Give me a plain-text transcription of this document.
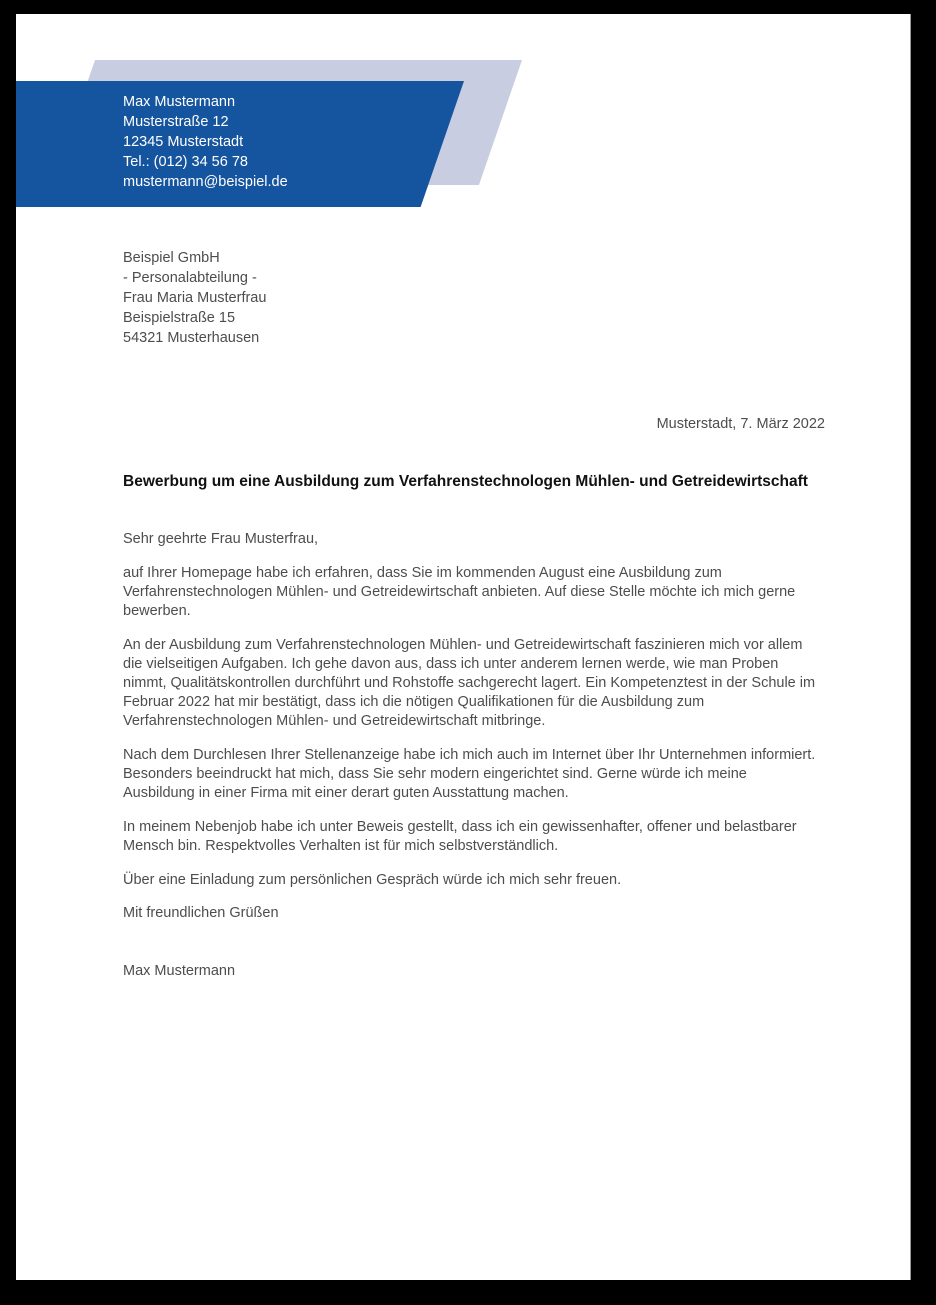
Max Mustermann
Musterstraße 12
12345 Musterstadt
Tel.: (012) 34 56 78
mustermann@beispiel.de
Beispiel GmbH
- Personalabteilung -
Frau Maria Musterfrau
Beispielstraße 15
54321 Musterhausen
Musterstadt, 7. März 2022
Bewerbung um eine Ausbildung zum Verfahrenstechnologen Mühlen- und Getreidewirtschaft

Sehr geehrte Frau Musterfrau,

auf Ihrer Homepage habe ich erfahren, dass Sie im kommenden August eine Ausbildung zum Verfahrenstechnologen Mühlen- und Getreidewirtschaft anbieten. Auf diese Stelle möchte ich mich gerne bewerben.

An der Ausbildung zum Verfahrenstechnologen Mühlen- und Getreidewirtschaft faszinieren mich vor allem die vielseitigen Aufgaben. Ich gehe davon aus, dass ich unter anderem lernen werde, wie man Proben nimmt, Qualitätskontrollen durchführt und Rohstoffe sachgerecht lagert. Ein Kompetenztest in der Schule im Februar 2022 hat mir bestätigt, dass ich die nötigen Qualifikationen für die Ausbildung zum Verfahrenstechnologen Mühlen- und Getreidewirtschaft mitbringe.

Nach dem Durchlesen Ihrer Stellenanzeige habe ich mich auch im Internet über Ihr Unternehmen informiert. Besonders beeindruckt hat mich, dass Sie sehr modern eingerichtet sind. Gerne würde ich meine Ausbildung in einer Firma mit einer derart guten Ausstattung machen.

In meinem Nebenjob habe ich unter Beweis gestellt, dass ich ein gewissenhafter, offener und belastbarer Mensch bin. Respektvolles Verhalten ist für mich selbstverständlich.

Über eine Einladung zum persönlichen Gespräch würde ich mich sehr freuen.

Mit freundlichen Grüßen

Max Mustermann
